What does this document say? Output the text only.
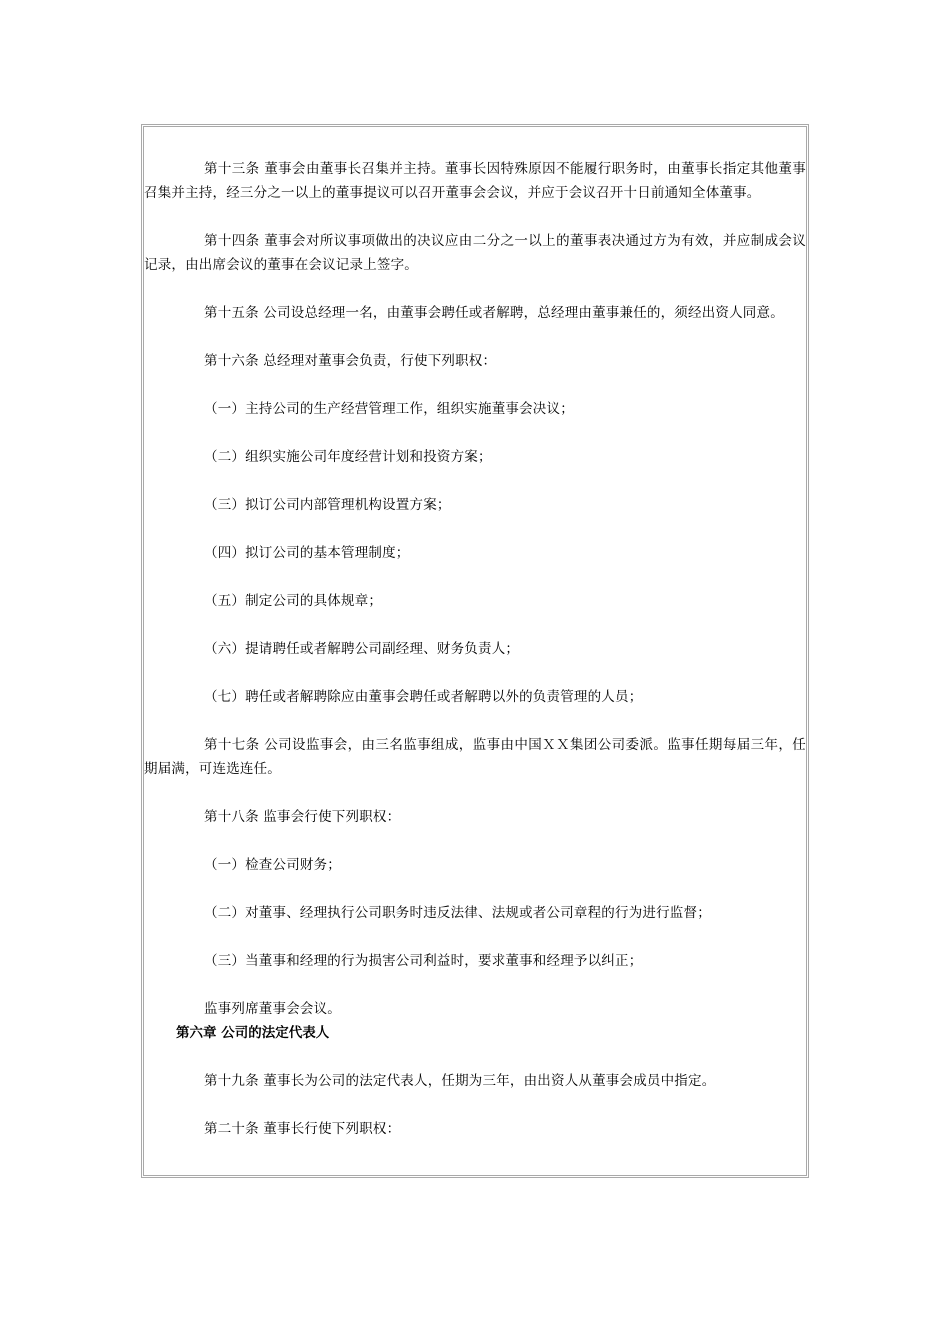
第十三条 董事会由董事长召集并主持。董事长因特殊原因不能履行职务时，由董事长指定其他董事召集并主持，经三分之一以上的董事提议可以召开董事会会议，并应于会议召开十日前通知全体董事。

第十四条 董事会对所议事项做出的决议应由二分之一以上的董事表决通过方为有效，并应制成会议记录，由出席会议的董事在会议记录上签字。

第十五条 公司设总经理一名，由董事会聘任或者解聘，总经理由董事兼任的，须经出资人同意。

第十六条 总经理对董事会负责，行使下列职权：

（一）主持公司的生产经营管理工作，组织实施董事会决议；

（二）组织实施公司年度经营计划和投资方案；

（三）拟订公司内部管理机构设置方案；

（四）拟订公司的基本管理制度；

（五）制定公司的具体规章；

（六）提请聘任或者解聘公司副经理、财务负责人；

（七）聘任或者解聘除应由董事会聘任或者解聘以外的负责管理的人员；

第十七条 公司设监事会，由三名监事组成，监事由中国ＸＸ集团公司委派。监事任期每届三年，任期届满，可连选连任。

第十八条 监事会行使下列职权：

（一）检查公司财务；

（二）对董事、经理执行公司职务时违反法律、法规或者公司章程的行为进行监督；

（三）当董事和经理的行为损害公司利益时，要求董事和经理予以纠正；

监事列席董事会会议。

第六章 公司的法定代表人

第十九条 董事长为公司的法定代表人，任期为三年，由出资人从董事会成员中指定。

第二十条 董事长行使下列职权：
